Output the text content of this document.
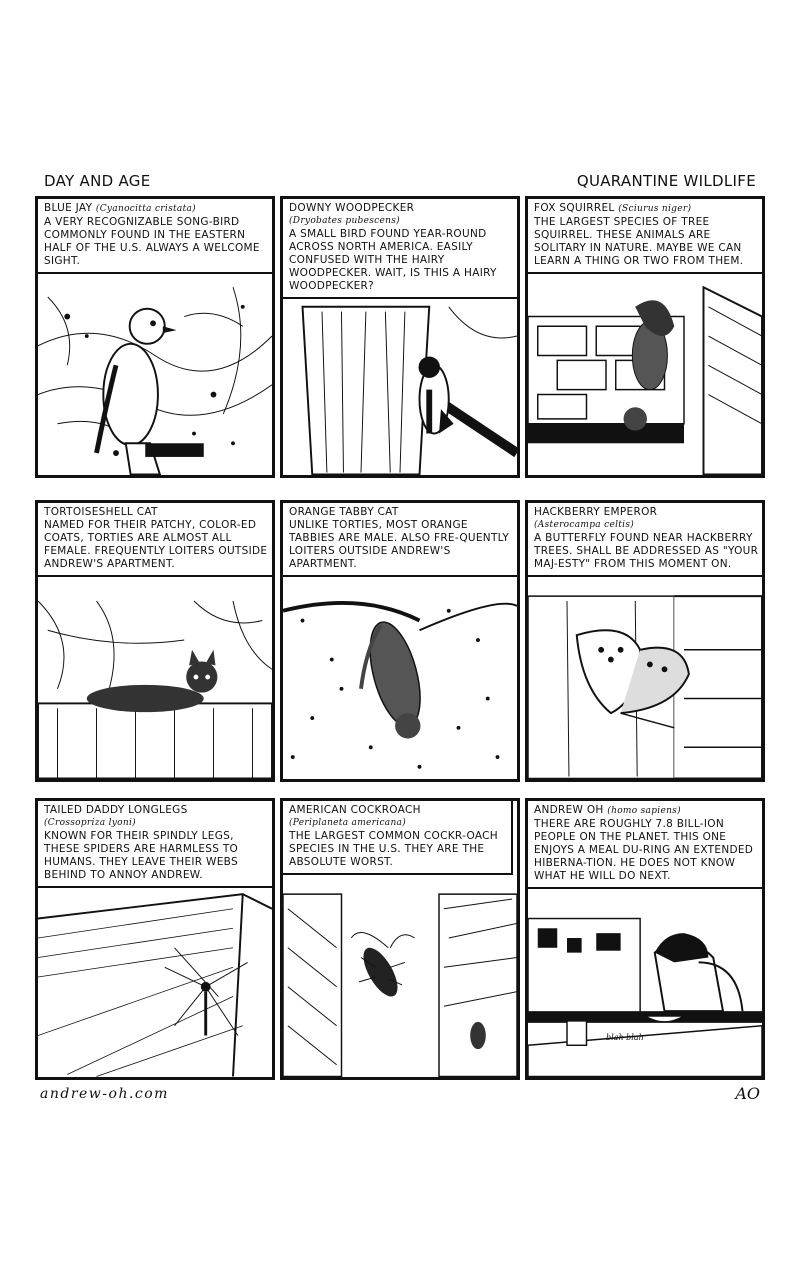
DAY AND AGE	QUARANTINE WILDLIFE
BLUE JAY (Cyanocitta cristata)
A VERY RECOGNIZABLE SONG-BIRD COMMONLY FOUND IN THE EASTERN HALF OF THE U.S. ALWAYS A WELCOME SIGHT.
DOWNY WOODPECKER
(Dryobates pubescens)
A SMALL BIRD FOUND YEAR-ROUND ACROSS NORTH AMERICA. EASILY CONFUSED WITH THE HAIRY WOODPECKER. WAIT, IS THIS A HAIRY WOODPECKER?
FOX SQUIRREL (Sciurus niger)
THE LARGEST SPECIES OF TREE SQUIRREL. THESE ANIMALS ARE SOLITARY IN NATURE. MAYBE WE CAN LEARN A THING OR TWO FROM THEM.
TORTOISESHELL CAT
NAMED FOR THEIR PATCHY, COLOR-ED COATS, TORTIES ARE ALMOST ALL FEMALE. FREQUENTLY LOITERS OUTSIDE ANDREW'S APARTMENT.
ORANGE TABBY CAT
UNLIKE TORTIES, MOST ORANGE TABBIES ARE MALE. ALSO FRE-QUENTLY LOITERS OUTSIDE ANDREW'S APARTMENT.
HACKBERRY EMPEROR
(Asterocampa celtis)
A BUTTERFLY FOUND NEAR HACKBERRY TREES. SHALL BE ADDRESSED AS "YOUR MAJ-ESTY" FROM THIS MOMENT ON.
TAILED DADDY LONGLEGS
(Crossopriza lyoni)
KNOWN FOR THEIR SPINDLY LEGS, THESE SPIDERS ARE HARMLESS TO HUMANS. THEY LEAVE THEIR WEBS BEHIND TO ANNOY ANDREW.
AMERICAN COCKROACH
(Periplaneta americana)
THE LARGEST COMMON COCKR-OACH SPECIES IN THE U.S. THEY ARE THE ABSOLUTE WORST.
ANDREW OH (homo sapiens)
THERE ARE ROUGHLY 7.8 BILL-ION PEOPLE ON THE PLANET. THIS ONE ENJOYS A MEAL DU-RING AN EXTENDED HIBERNA-TION. HE DOES NOT KNOW WHAT HE WILL DO NEXT.
blah blah
andrew-oh.com	AO
